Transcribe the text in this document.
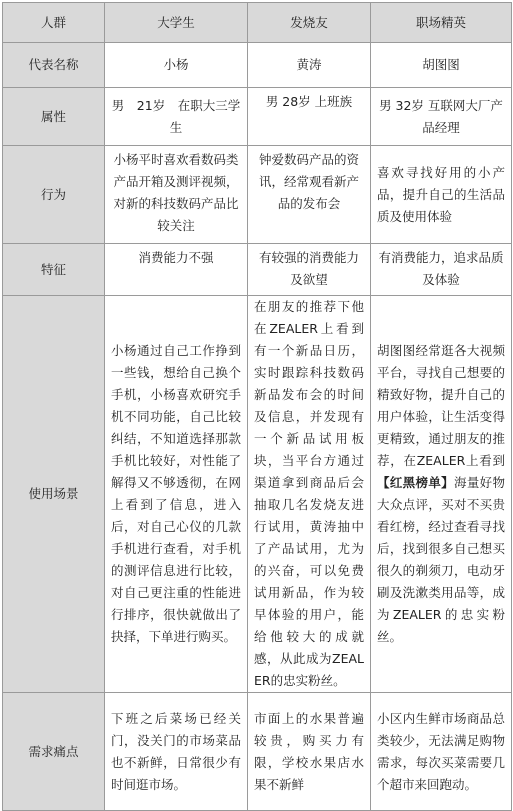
人群	大学生	发烧友	职场精英
代表名称	小杨	黄涛	胡图图
属性	男　21岁　在职大三学生	男 28岁 上班族	男 32岁 互联网大厂产品经理
行为	小杨平时喜欢看数码类产品开箱及测评视频，对新的科技数码产品比较关注	钟爱数码产品的资讯，经常观看新产品的发布会	喜欢寻找好用的小产品，提升自己的生活品质及使用体验
特征	消费能力不强	有较强的消费能力及欲望	有消费能力，追求品质及体验
使用场景	小杨通过自己工作挣到一些钱，想给自己换个手机，小杨喜欢研究手机不同功能，自己比较纠结，不知道选择那款手机比较好，对性能了解得又不够透彻，在网上看到了信息，进入后，对自己心仪的几款手机进行查看，对手机的测评信息进行比较，对自己更注重的性能进行排序，很快就做出了抉择，下单进行购买。	在朋友的推荐下他在ZEALER上看到有一个新品日历，实时跟踪科技数码新品发布会的时间及信息，并发现有一个新品试用板块，当平台方通过渠道拿到商品后会抽取几名发烧友进行试用，黄涛抽中了产品试用，尤为的兴奋，可以免费试用新品，作为较早体验的用户，能给他较大的成就感，从此成为ZEALER的忠实粉丝。	胡图图经常逛各大视频平台，寻找自己想要的精致好物，提升自己的用户体验，让生活变得更精致，通过朋友的推荐，在ZEALER上看到【红黑榜单】海量好物大众点评，买对不买贵看红榜，经过查看寻找后，找到很多自己想买很久的剃须刀，电动牙刷及洗漱类用品等，成为ZEALER的忠实粉丝。
需求痛点	下班之后菜场已经关门，没关门的市场菜品也不新鲜，日常很少有时间逛市场。	市面上的水果普遍较贵，购买力有限，学校水果店水果不新鲜	小区内生鲜市场商品总类较少，无法满足购物需求，每次买菜需要几个超市来回跑动。
